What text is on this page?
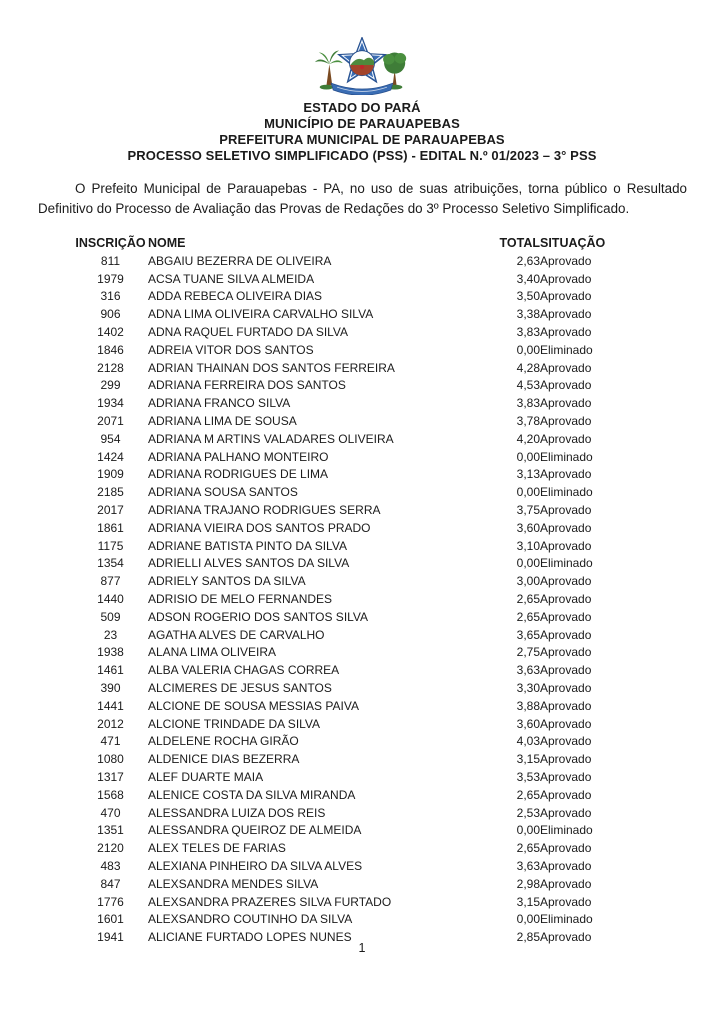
ESTADO DO PARÁ
MUNICÍPIO DE PARAUAPEBAS
PREFEITURA MUNICIPAL DE PARAUAPEBAS
PROCESSO SELETIVO SIMPLIFICADO (PSS) - EDITAL N.º 01/2023 – 3° PSS

O Prefeito Municipal de Parauapebas - PA, no uso de suas atribuições, torna público o Resultado Definitivo do Processo de Avaliação das Provas de Redações do 3º Processo Seletivo Simplificado.

INSCRIÇÃO	NOME	TOTAL	SITUAÇÃO
811	ABGAIU BEZERRA DE OLIVEIRA	2,63	Aprovado
1979	ACSA TUANE SILVA ALMEIDA	3,40	Aprovado
316	ADDA REBECA OLIVEIRA DIAS	3,50	Aprovado
906	ADNA LIMA OLIVEIRA CARVALHO SILVA	3,38	Aprovado
1402	ADNA RAQUEL FURTADO DA SILVA	3,83	Aprovado
1846	ADREIA VITOR DOS SANTOS	0,00	Eliminado
2128	ADRIAN THAINAN DOS SANTOS FERREIRA	4,28	Aprovado
299	ADRIANA FERREIRA DOS SANTOS	4,53	Aprovado
1934	ADRIANA FRANCO SILVA	3,83	Aprovado
2071	ADRIANA LIMA DE SOUSA	3,78	Aprovado
954	ADRIANA M ARTINS VALADARES OLIVEIRA	4,20	Aprovado
1424	ADRIANA PALHANO MONTEIRO	0,00	Eliminado
1909	ADRIANA RODRIGUES DE LIMA	3,13	Aprovado
2185	ADRIANA SOUSA SANTOS	0,00	Eliminado
2017	ADRIANA TRAJANO RODRIGUES SERRA	3,75	Aprovado
1861	ADRIANA VIEIRA DOS SANTOS PRADO	3,60	Aprovado
1175	ADRIANE BATISTA PINTO DA SILVA	3,10	Aprovado
1354	ADRIELLI ALVES SANTOS DA SILVA	0,00	Eliminado
877	ADRIELY SANTOS DA SILVA	3,00	Aprovado
1440	ADRISIO DE MELO FERNANDES	2,65	Aprovado
509	ADSON ROGERIO DOS SANTOS SILVA	2,65	Aprovado
23	AGATHA ALVES DE CARVALHO	3,65	Aprovado
1938	ALANA LIMA OLIVEIRA	2,75	Aprovado
1461	ALBA VALERIA CHAGAS CORREA	3,63	Aprovado
390	ALCIMERES DE JESUS SANTOS	3,30	Aprovado
1441	ALCIONE DE SOUSA MESSIAS PAIVA	3,88	Aprovado
2012	ALCIONE TRINDADE DA SILVA	3,60	Aprovado
471	ALDELENE ROCHA GIRÃO	4,03	Aprovado
1080	ALDENICE DIAS BEZERRA	3,15	Aprovado
1317	ALEF DUARTE MAIA	3,53	Aprovado
1568	ALENICE COSTA DA SILVA MIRANDA	2,65	Aprovado
470	ALESSANDRA LUIZA DOS REIS	2,53	Aprovado
1351	ALESSANDRA QUEIROZ DE ALMEIDA	0,00	Eliminado
2120	ALEX TELES DE FARIAS	2,65	Aprovado
483	ALEXIANA PINHEIRO DA SILVA ALVES	3,63	Aprovado
847	ALEXSANDRA MENDES SILVA	2,98	Aprovado
1776	ALEXSANDRA PRAZERES SILVA FURTADO	3,15	Aprovado
1601	ALEXSANDRO COUTINHO DA SILVA	0,00	Eliminado
1941	ALICIANE FURTADO LOPES NUNES	2,85	Aprovado
1
